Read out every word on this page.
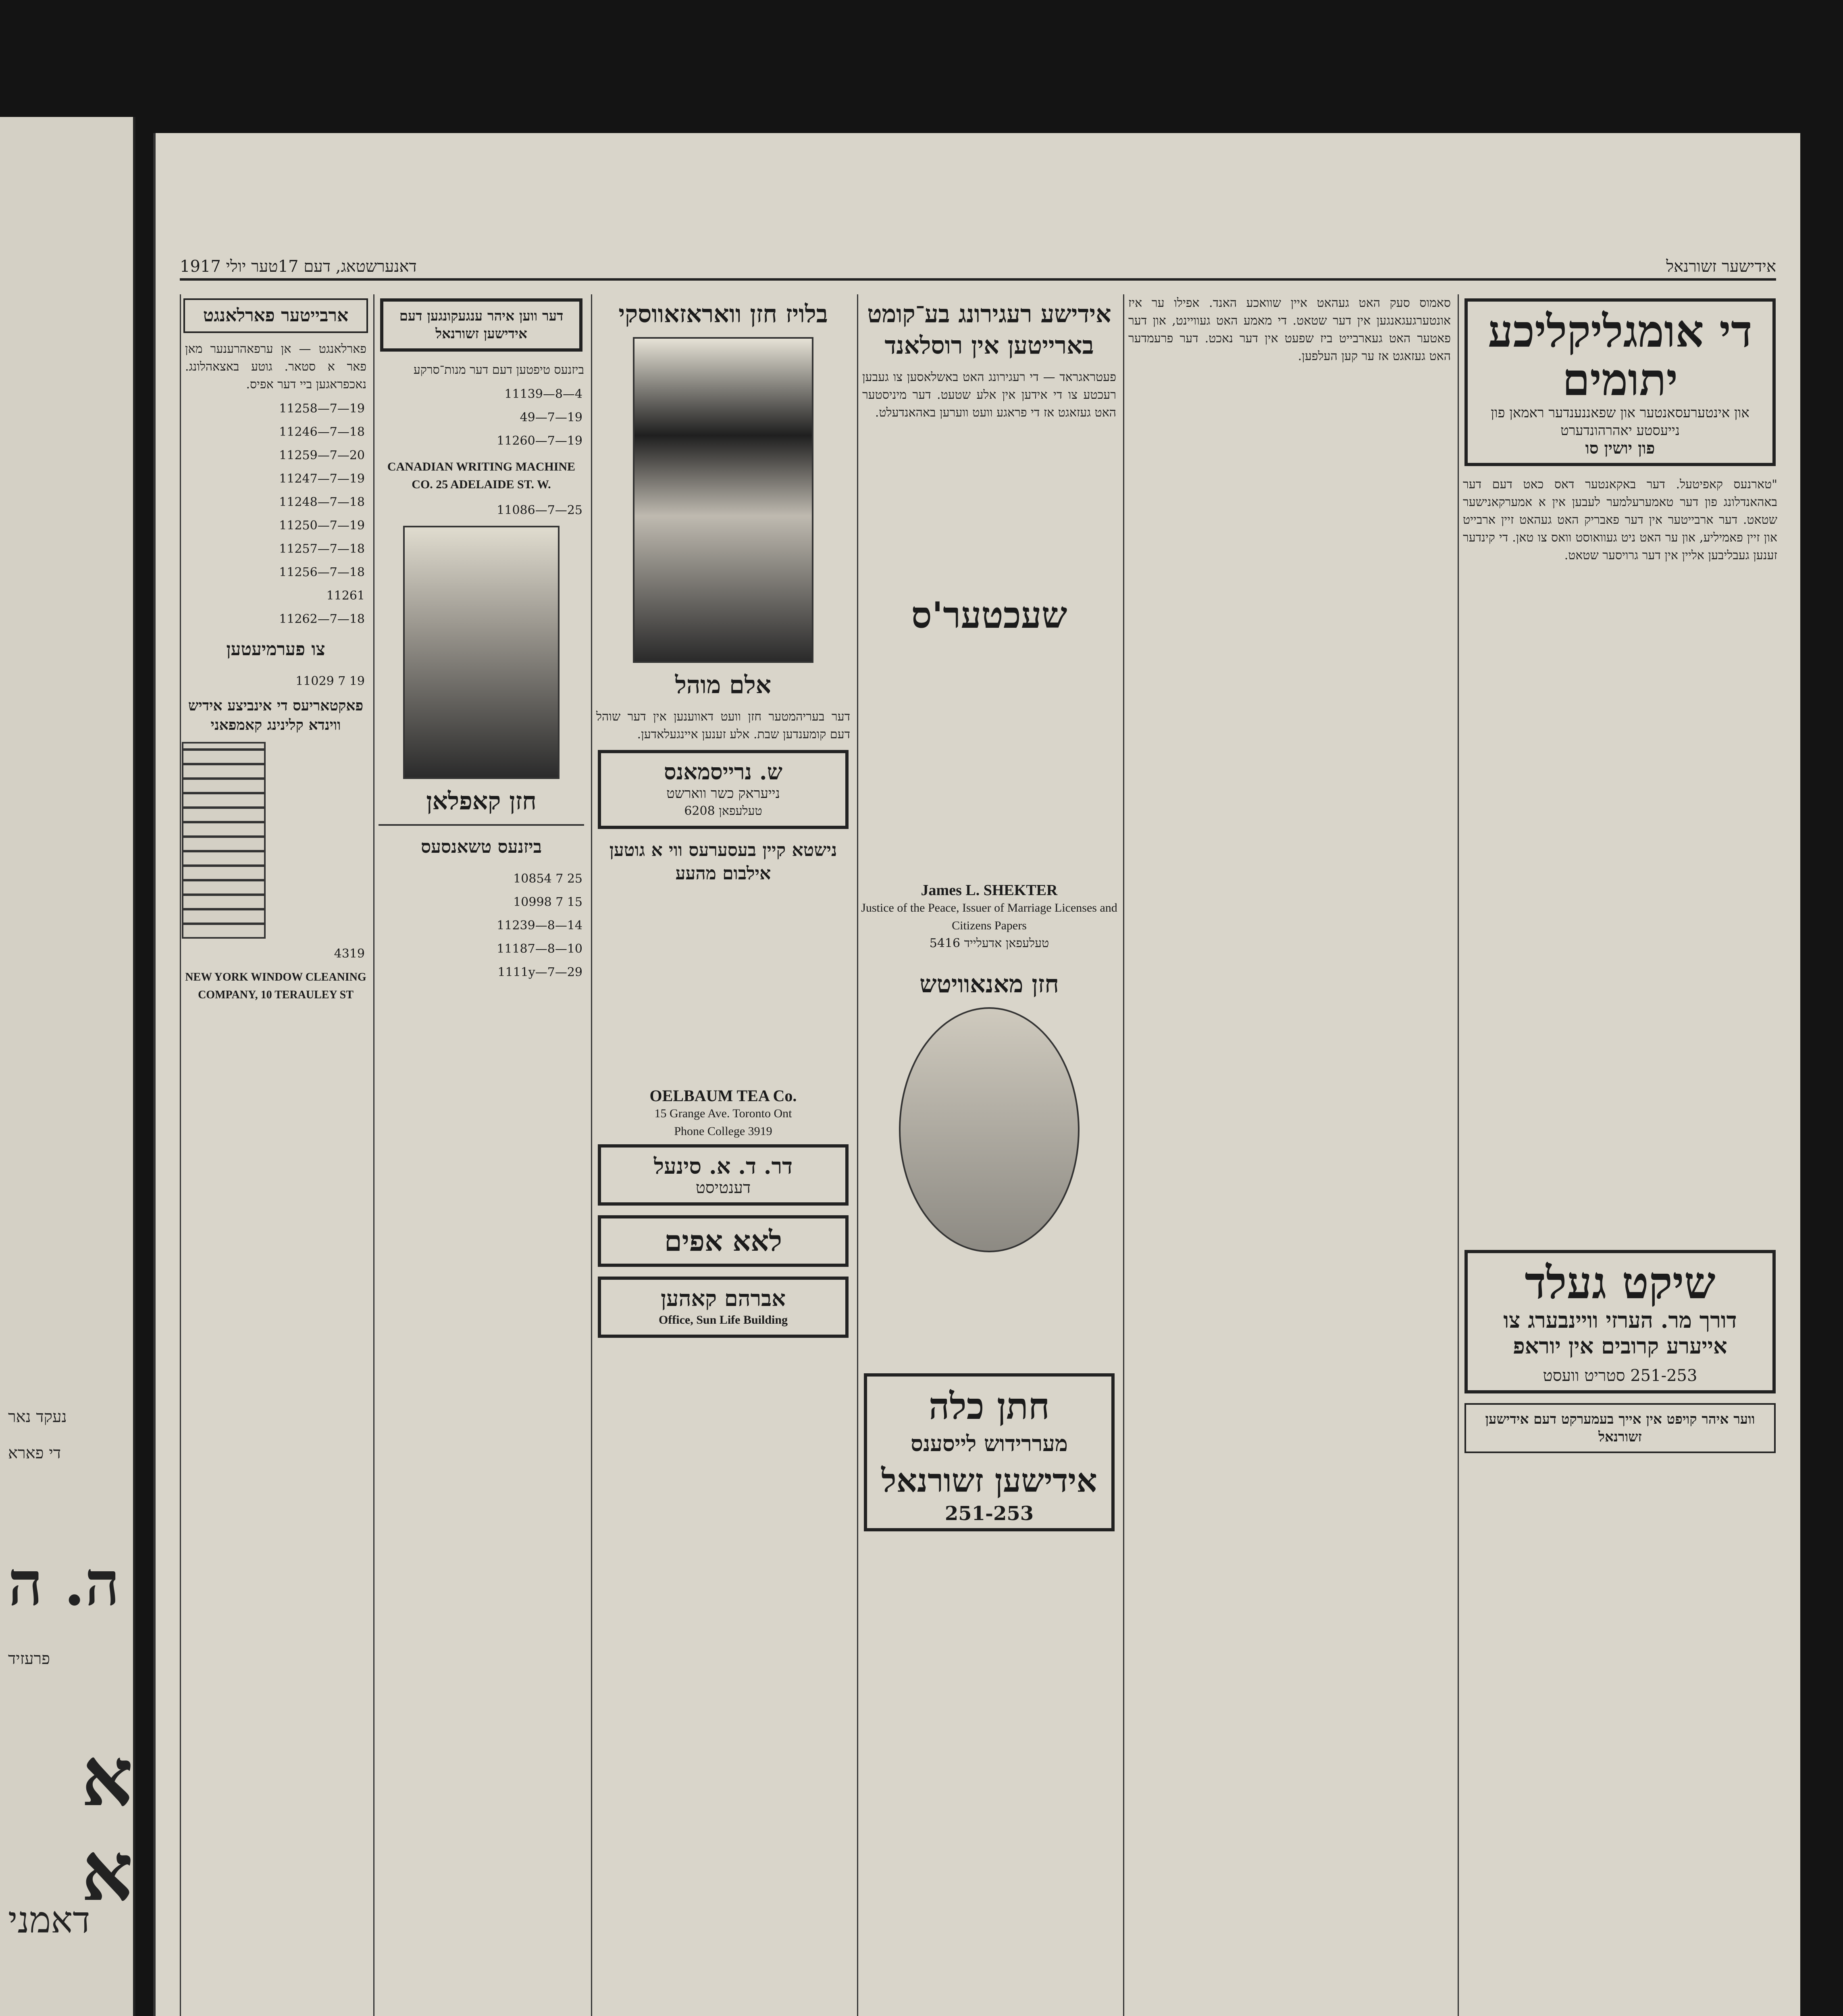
נעקד נאר
די פארא
ה. ה
פרעזיד
א א
דאמני
אידישער זשורנאל
דאנערשטאג, דעם 17טער יולי 1917
די אומגליקליכע יתומים
און אינטערעסאנטער און שפאננענדער ראמאן פון נייעסטע יאהרהונדערט
פון יושין סו

"טארנעס קאפיטעל. דער באקאנטער דאס כאט דעם דער באהאנדלונג פון דער טאמערעלמער לעבען אין א אמערקאנישער שטאט. דער ארבייטער אין דער פאבריק האט געהאט זיין ארבייט און זיין פאמיליע, און ער האט ניט געוואוסט וואס צו טאן. די קינדער זענען געבליבען אליין אין דער גרויסער שטאט.

שיקט געלד
דורך מר. הערזי וויינבערג צו אייערע קרובים אין יוראפ
251-253 סטריט וועסט
ווער איהר קויפט אין אייך בעמערקט דעם אידישען זשורנאל

סאמוס סעק האט געהאט איין שוואכע האנד. אפילו ער איז אונטערגעגאנגען אין דער שטאט. די מאמע האט געוויינט, און דער פאטער האט געארבייט ביז שפעט אין דער נאכט. דער פרעמדער האט געזאגט אז ער קען העלפען.

אידישע רעגירונג בע־קומט בארייטען אין רוסלאנד

פעטראגראד — די רעגירונג האט באשלאסען צו געבען רעכטע צו די אידען אין אלע שטעט. דער מיניסטער האט געזאגט אז די פראגע וועט ווערען באהאנדעלט.

שעכטער'ס
James L. SHEKTER
Justice of the Peace, Issuer of Marriage Licenses and Citizens Papers
טעלעפאן אדעלייד 5416
חזן מאנאוויטש
חתן כלה
מעררידוש לייסענס
אידישען זשורנאל
251-253
בלויז חזן וואראזאווסקי
אלם מוהל

דער בעריהמטער חזן וועט דאווענען אין דער שוהל דעם קומענדען שבת. אלע זענען איינגעלאדען.

ש. נרייסמאנס
נייעראק כשר ווארשט
טעלעפאן 6208
נישטא קיין בעסערעס ווי א גוטען אילבום מהעע
OELBAUM TEA Co.
15 Grange Ave. Toronto Ont
Phone College 3919
דר. ד. א. סינעל
דענטיסט
לאא אפים
אברהם קאהען
Office, Sun Life Building
דער ווען איהר ענגעקונגען דעם אידישען זשורנאל

ביזנעס טיפטען דעם דער מנות־סרקע

11139—8—4
49—7—19
11260—7—19
CANADIAN WRITING MACHINE CO. 25 ADELAIDE ST. W.
11086—7—25
חזן קאפלאן
ביזנעס טשאנסעס
10854 7 25
10998 7 15
11239—8—14
11187—8—10
1111y—7—29
ארבייטער פארלאנגט

פארלאנגט — אן ערפאהרענער מאן פאר א סטאר. גוטע באצאהלונג. נאכפראגען ביי דער אפיס.

11258—7—19
11246—7—18
11259—7—20
11247—7—19
11248—7—18
11250—7—19
11257—7—18
11256—7—18
11261
11262—7—18
צו פערמיעטען
11029 7 19
פאקטאריעס די אינביצע אידיש ווינדא קלינינג קאמפאני
4319
NEW YORK WINDOW CLEANING COMPANY, 10 TERAULEY ST
